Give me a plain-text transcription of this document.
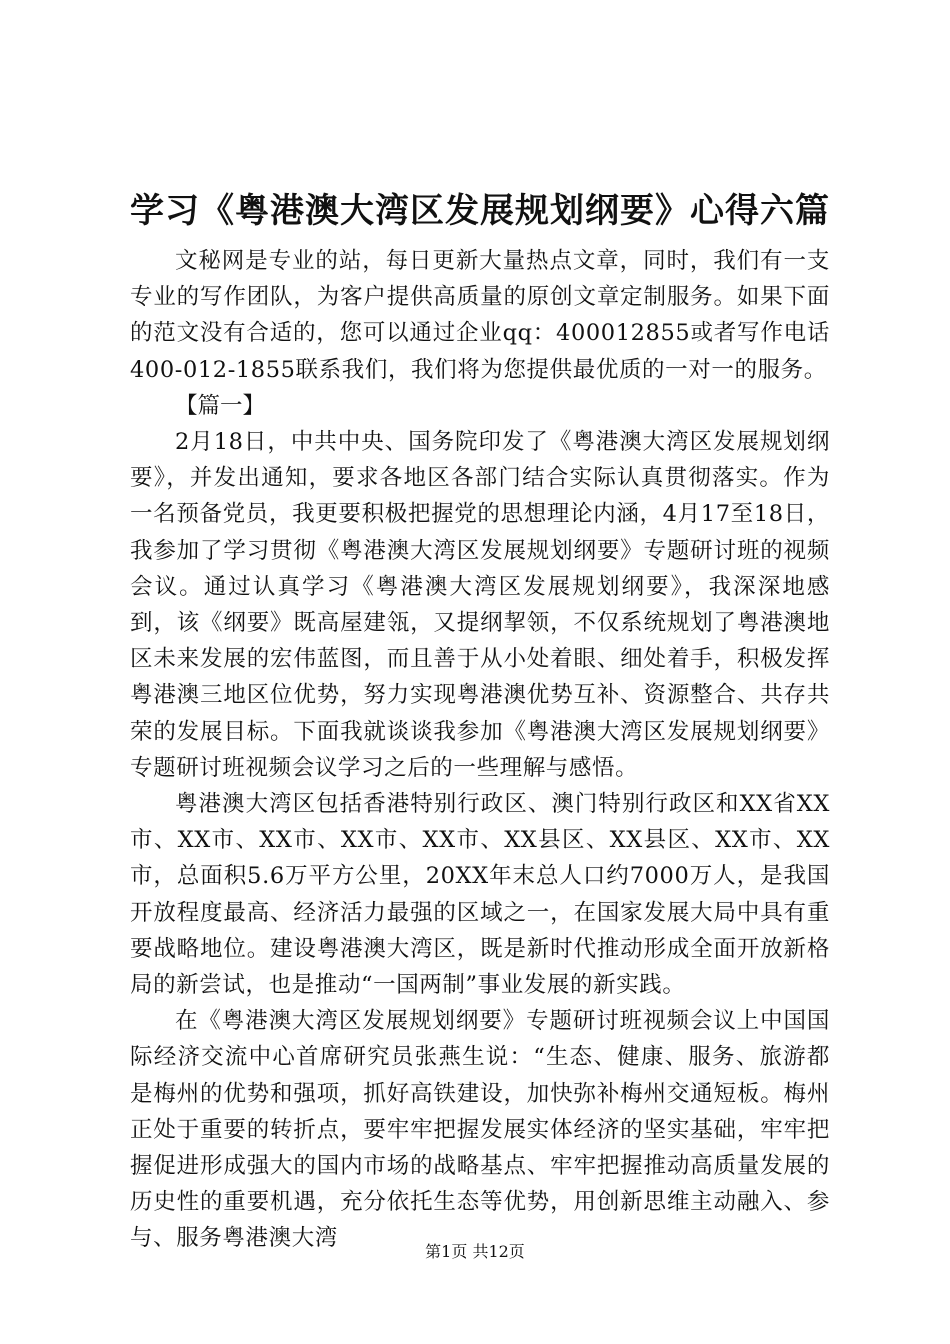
学习《粤港澳大湾区发展规划纲要》心得六篇

文秘网是专业的站，每日更新大量热点文章，同时，我们有一支专业的写作团队，为客户提供高质量的原创文章定制服务。如果下面的范文没有合适的，您可以通过企业qq：400012855或者写作电话400-012-1855联系我们，我们将为您提供最优质的一对一的服务。

【篇一】

2月18日，中共中央、国务院印发了《粤港澳大湾区发展规划纲要》，并发出通知，要求各地区各部门结合实际认真贯彻落实。作为一名预备党员，我更要积极把握党的思想理论内涵，4月17至18日，我参加了学习贯彻《粤港澳大湾区发展规划纲要》专题研讨班的视频会议。通过认真学习《粤港澳大湾区发展规划纲要》，我深深地感到，该《纲要》既高屋建瓴，又提纲挈领，不仅系统规划了粤港澳地区未来发展的宏伟蓝图，而且善于从小处着眼、细处着手，积极发挥粤港澳三地区位优势，努力实现粤港澳优势互补、资源整合、共存共荣的发展目标。下面我就谈谈我参加《粤港澳大湾区发展规划纲要》专题研讨班视频会议学习之后的一些理解与感悟。

粤港澳大湾区包括香港特别行政区、澳门特别行政区和XX省XX市、XX市、XX市、XX市、XX市、XX县区、XX县区、XX市、XX市，总面积5.6万平方公里，20XX年末总人口约7000万人，是我国开放程度最高、经济活力最强的区域之一，在国家发展大局中具有重要战略地位。建设粤港澳大湾区，既是新时代推动形成全面开放新格局的新尝试，也是推动“一国两制”事业发展的新实践。

在《粤港澳大湾区发展规划纲要》专题研讨班视频会议上中国国际经济交流中心首席研究员张燕生说：“生态、健康、服务、旅游都是梅州的优势和强项，抓好高铁建设，加快弥补梅州交通短板。梅州正处于重要的转折点，要牢牢把握发展实体经济的坚实基础，牢牢把握促进形成强大的国内市场的战略基点、牢牢把握推动高质量发展的历史性的重要机遇，充分依托生态等优势，用创新思维主动融入、参与、服务粤港澳大湾

第1页 共12页
